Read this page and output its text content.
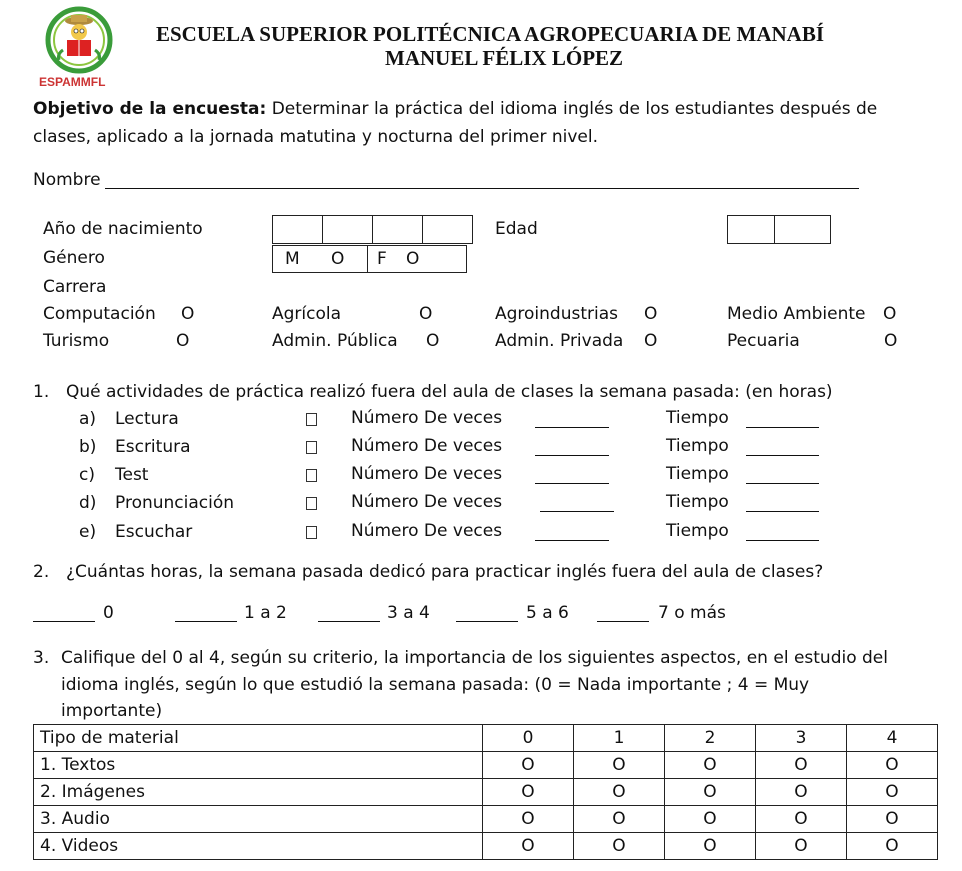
ESPAMMFL
ESCUELA SUPERIOR POLITÉCNICA AGROPECUARIA DE MANABÍ
MANUEL FÉLIX LÓPEZ
Objetivo de la encuesta: Determinar la práctica del idioma inglés de los estudiantes después de
clases, aplicado a la jornada matutina y nocturna del primer nivel.
Nombre
Año de nacimiento	Edad
Género	M O F O
Carrera
Computación O	Agrícola	O	Agroindustrias O	Medio Ambiente O
Turismo	O	Admin. Pública O	Admin. Privada O	Pecuaria	O
1. Qué actividades de práctica realizó fuera del aula de clases la semana pasada: (en horas)
a) Lectura	Número De veces	Tiempo
b) Escritura	Número De veces	Tiempo
c) Test	Número De veces	Tiempo
d) Pronunciación	Número De veces	Tiempo
e) Escuchar	Número De veces	Tiempo
2. ¿Cuántas horas, la semana pasada dedicó para practicar inglés fuera del aula de clases?
0	1 a 2	3 a 4	5 a 6	7 o más
3. Califique del 0 al 4, según su criterio, la importancia de los siguientes aspectos, en el estudio del
idioma inglés, según lo que estudió la semana pasada: (0 = Nada importante ; 4 = Muy
importante)
Tipo de material	0	1	2	3	4
1. Textos	O	O	O	O	O
2. Imágenes	O	O	O	O	O
3. Audio	O	O	O	O	O
4. Videos	O	O	O	O	O
